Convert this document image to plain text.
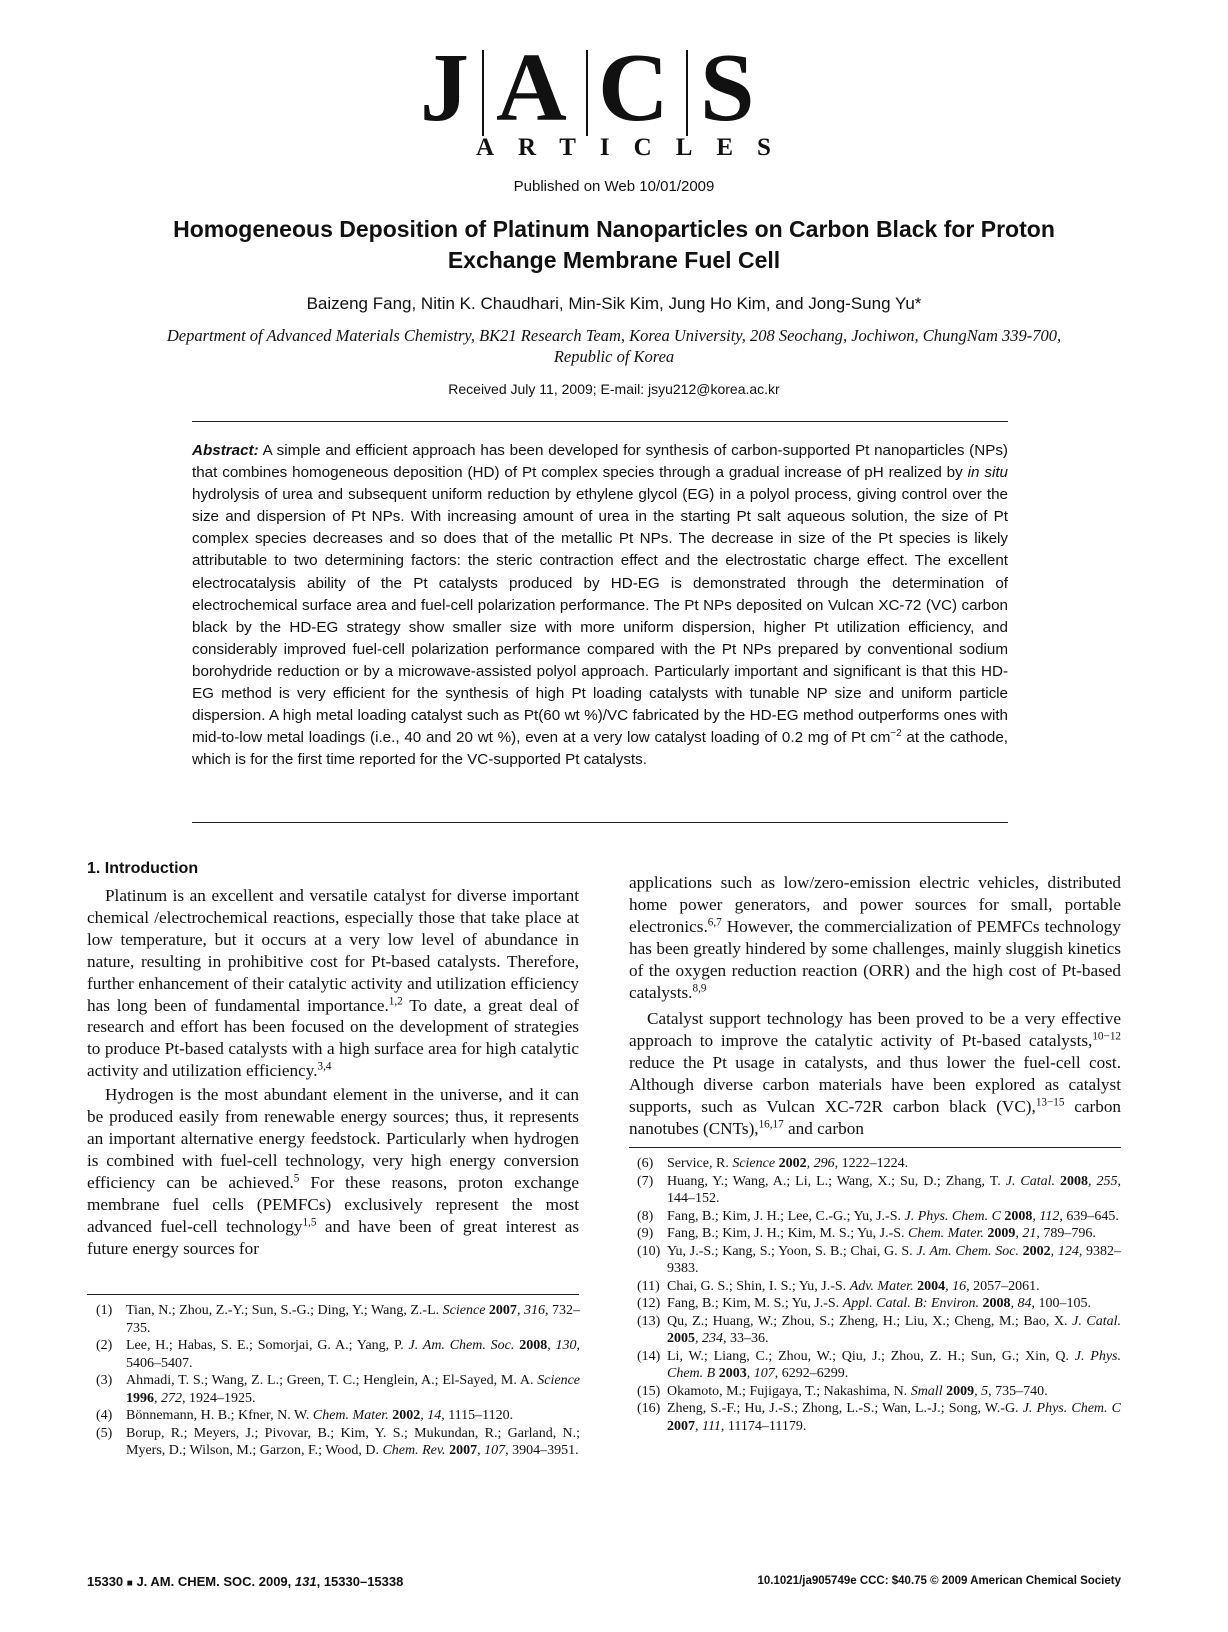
J A C S
ARTICLES
Published on Web 10/01/2009
Homogeneous Deposition of Platinum Nanoparticles on Carbon Black for Proton Exchange Membrane Fuel Cell
Baizeng Fang, Nitin K. Chaudhari, Min-Sik Kim, Jung Ho Kim, and Jong-Sung Yu*
Department of Advanced Materials Chemistry, BK21 Research Team, Korea University, 208 Seochang, Jochiwon, ChungNam 339-700, Republic of Korea
Received July 11, 2009; E-mail: jsyu212@korea.ac.kr
Abstract: A simple and efficient approach has been developed for synthesis of carbon-supported Pt nanoparticles (NPs) that combines homogeneous deposition (HD) of Pt complex species through a gradual increase of pH realized by in situ hydrolysis of urea and subsequent uniform reduction by ethylene glycol (EG) in a polyol process, giving control over the size and dispersion of Pt NPs. With increasing amount of urea in the starting Pt salt aqueous solution, the size of Pt complex species decreases and so does that of the metallic Pt NPs. The decrease in size of the Pt species is likely attributable to two determining factors: the steric contraction effect and the electrostatic charge effect. The excellent electrocatalysis ability of the Pt catalysts produced by HD-EG is demonstrated through the determination of electrochemical surface area and fuel-cell polarization performance. The Pt NPs deposited on Vulcan XC-72 (VC) carbon black by the HD-EG strategy show smaller size with more uniform dispersion, higher Pt utilization efficiency, and considerably improved fuel-cell polarization performance compared with the Pt NPs prepared by conventional sodium borohydride reduction or by a microwave-assisted polyol approach. Particularly important and significant is that this HD-EG method is very efficient for the synthesis of high Pt loading catalysts with tunable NP size and uniform particle dispersion. A high metal loading catalyst such as Pt(60 wt %)/VC fabricated by the HD-EG method outperforms ones with mid-to-low metal loadings (i.e., 40 and 20 wt %), even at a very low catalyst loading of 0.2 mg of Pt $cm^{-2}$ at the cathode, which is for the first time reported for the VC-supported Pt catalysts.
1. Introduction

Platinum is an excellent and versatile catalyst for diverse important chemical /electrochemical reactions, especially those that take place at low temperature, but it occurs at a very low level of abundance in nature, resulting in prohibitive cost for Pt-based catalysts. Therefore, further enhancement of their catalytic activity and utilization efficiency has long been of fundamental importance.$^{1,2}$ To date, a great deal of research and effort has been focused on the development of strategies to produce Pt-based catalysts with a high surface area for high catalytic activity and utilization efficiency.$^{3,4}$

Hydrogen is the most abundant element in the universe, and it can be produced easily from renewable energy sources; thus, it represents an important alternative energy feedstock. Particularly when hydrogen is combined with fuel-cell technology, very high energy conversion efficiency can be achieved.$^5$ For these reasons, proton exchange membrane fuel cells (PEMFCs) exclusively represent the most advanced fuel-cell technology$^{1,5}$ and have been of great interest as future energy sources for

applications such as low/zero-emission electric vehicles, distributed home power generators, and power sources for small, portable electronics.$^{6,7}$ However, the commercialization of PEMFCs technology has been greatly hindered by some challenges, mainly sluggish kinetics of the oxygen reduction reaction (ORR) and the high cost of Pt-based catalysts.$^{8,9}$

Catalyst support technology has been proved to be a very effective approach to improve the catalytic activity of Pt-based catalysts,$^{10-12}$ reduce the Pt usage in catalysts, and thus lower the fuel-cell cost. Although diverse carbon materials have been explored as catalyst supports, such as Vulcan XC-72R carbon black (VC),$^{13-15}$ carbon nanotubes (CNTs),$^{16,17}$ and carbon

(1) Tian, N.; Zhou, Z.-Y.; Sun, S.-G.; Ding, Y.; Wang, Z.-L. Science 2007, 316, 732–735.
(2) Lee, H.; Habas, S. E.; Somorjai, G. A.; Yang, P. J. Am. Chem. Soc. 2008, 130, 5406–5407.
(3) Ahmadi, T. S.; Wang, Z. L.; Green, T. C.; Henglein, A.; El-Sayed, M. A. Science 1996, 272, 1924–1925.
(4) Bönnemann, H. B.; Kfner, N. W. Chem. Mater. 2002, 14, 1115–1120.
(5) Borup, R.; Meyers, J.; Pivovar, B.; Kim, Y. S.; Mukundan, R.; Garland, N.; Myers, D.; Wilson, M.; Garzon, F.; Wood, D. Chem. Rev. 2007, 107, 3904–3951.
(6) Service, R. Science 2002, 296, 1222–1224.
(7) Huang, Y.; Wang, A.; Li, L.; Wang, X.; Su, D.; Zhang, T. J. Catal. 2008, 255, 144–152.
(8) Fang, B.; Kim, J. H.; Lee, C.-G.; Yu, J.-S. J. Phys. Chem. C 2008, 112, 639–645.
(9) Fang, B.; Kim, J. H.; Kim, M. S.; Yu, J.-S. Chem. Mater. 2009, 21, 789–796.
(10) Yu, J.-S.; Kang, S.; Yoon, S. B.; Chai, G. S. J. Am. Chem. Soc. 2002, 124, 9382–9383.
(11) Chai, G. S.; Shin, I. S.; Yu, J.-S. Adv. Mater. 2004, 16, 2057–2061.
(12) Fang, B.; Kim, M. S.; Yu, J.-S. Appl. Catal. B: Environ. 2008, 84, 100–105.
(13) Qu, Z.; Huang, W.; Zhou, S.; Zheng, H.; Liu, X.; Cheng, M.; Bao, X. J. Catal. 2005, 234, 33–36.
(14) Li, W.; Liang, C.; Zhou, W.; Qiu, J.; Zhou, Z. H.; Sun, G.; Xin, Q. J. Phys. Chem. B 2003, 107, 6292–6299.
(15) Okamoto, M.; Fujigaya, T.; Nakashima, N. Small 2009, 5, 735–740.
(16) Zheng, S.-F.; Hu, J.-S.; Zhong, L.-S.; Wan, L.-J.; Song, W.-G. J. Phys. Chem. C 2007, 111, 11174–11179.
15330 ■ J. AM. CHEM. SOC. 2009, 131, 15330–15338	10.1021/ja905749e CCC: $40.75 © 2009 American Chemical Society
